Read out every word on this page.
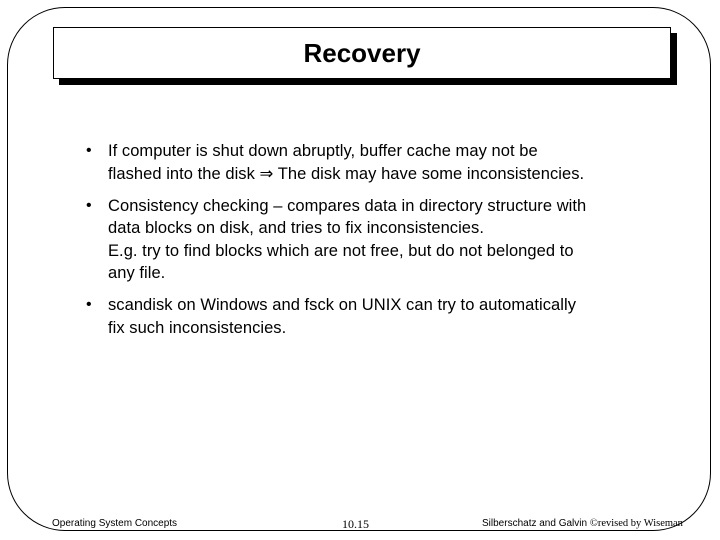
Recovery
• If computer is shut down abruptly, buffer cache may not be
flashed into the disk ⇒ The disk may have some inconsistencies.
• Consistency checking – compares data in directory structure with
data blocks on disk, and tries to fix inconsistencies.
E.g. try to find blocks which are not free, but do not belonged to
any file.
• scandisk on Windows and fsck on UNIX can try to automatically
fix such inconsistencies.
Operating System Concepts	10.15	Silberschatz and Galvin ©revised by Wiseman
